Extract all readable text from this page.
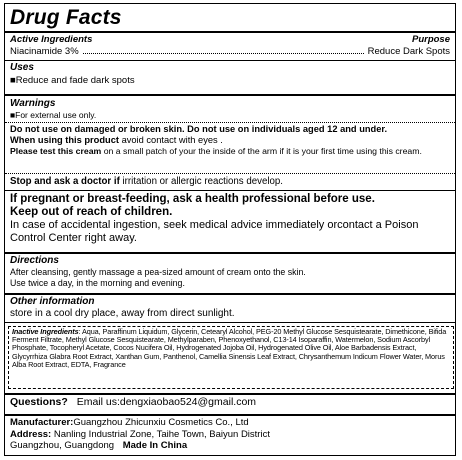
Drug Facts
Active Ingredients	Purpose
Niacinamide 3%	Reduce Dark Spots
Uses
■Reduce and fade dark spots
Warnings
■For external use only.
Do not use on damaged or broken skin. Do not use on individuals aged 12 and under.
When using this product avoid contact with eyes .
Please test this cream on a small patch of your the inside of the arm if it is your first time using this cream.
Stop and ask a doctor if irritation or allergic reactions develop.
If pregnant or breast-feeding, ask a health professional before use.
Keep out of reach of children.
In case of accidental ingestion, seek medical advice immediately orcontact a Poison Control Center right away.
Directions
After cleansing, gently massage a pea-sized amount of cream onto the skin.
Use twice a day, in the morning and evening.
Other information
store in a cool dry place, away from direct sunlight.
Inactive Ingredients: Aqua, Paraffinum Liquidum, Glycerin, Cetearyl Alcohol, PEG-20 Methyl Glucose Sesquistearate, Dimethicone, Bifida Ferment Filtrate, Methyl Glucose Sesquistearate, Methylparaben, Phenoxyethanol, C13-14 Isoparaffin, Watermelon, Sodium Ascorbyl Phosphate, Tocopheryl Acetate, Cocos Nucifera Oil, Hydrogenated Jojoba Oil, Hydrogenated Olive Oil, Aloe Barbadensis Extract, Glycyrrhiza Glabra Root Extract, Xanthan Gum, Panthenol, Camellia Sinensis Leaf Extract, Chrysanthemum Indicum Flower Water, Morus Alba Root Extract, EDTA, Fragrance
Questions? Email us:dengxiaobao524@gmail.com
Manufacturer:Guangzhou Zhicunxiu Cosmetics Co., Ltd
Address: Nanling Industrial Zone, Taihe Town, Baiyun District
Guangzhou, Guangdong Made In China
